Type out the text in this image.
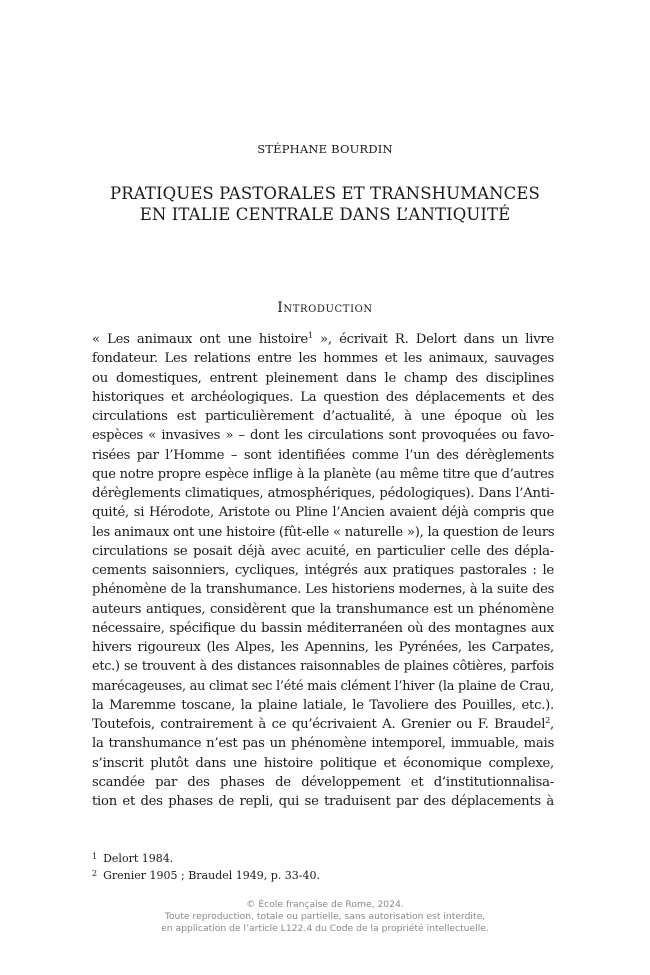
STÉPHANE BOURDIN
PRATIQUES PASTORALES ET TRANSHUMANCES
EN ITALIE CENTRALE DANS L’ANTIQUITÉ
Introduction
« Les animaux ont une histoire$^1$ », écrivait R. Delort dans un livre
fondateur. Les relations entre les hommes et les animaux, sauvages
ou domestiques, entrent pleinement dans le champ des disciplines
historiques et archéologiques. La question des déplacements et des
circulations est particulièrement d’actualité, à une époque où les
espèces « invasives » – dont les circulations sont provoquées ou favo-
risées par l’Homme – sont identifiées comme l’un des dérèglements
que notre propre espèce inflige à la planète (au même titre que d’autres
dérèglements climatiques, atmosphériques, pédologiques). Dans l’Anti-
quité, si Hérodote, Aristote ou Pline l’Ancien avaient déjà compris que
les animaux ont une histoire (fût-elle « naturelle »), la question de leurs
circulations se posait déjà avec acuité, en particulier celle des dépla-
cements saisonniers, cycliques, intégrés aux pratiques pastorales : le
phénomène de la transhumance. Les historiens modernes, à la suite des
auteurs antiques, considèrent que la transhumance est un phénomène
nécessaire, spécifique du bassin méditerranéen où des montagnes aux
hivers rigoureux (les Alpes, les Apennins, les Pyrénées, les Carpates,
etc.) se trouvent à des distances raisonnables de plaines côtières, parfois
marécageuses, au climat sec l’été mais clément l’hiver (la plaine de Crau,
la Maremme toscane, la plaine latiale, le Tavoliere des Pouilles, etc.).
Toutefois, contrairement à ce qu’écrivaient A. Grenier ou F. Braudel$^2$,
la transhumance n’est pas un phénomène intemporel, immuable, mais
s’inscrit plutôt dans une histoire politique et économique complexe,
scandée par des phases de développement et d’institutionnalisa-
tion et des phases de repli, qui se traduisent par des déplacements à
$^1$ Delort 1984.
$^2$ Grenier 1905 ; Braudel 1949, p. 33-40.
© École française de Rome, 2024.
Toute reproduction, totale ou partielle, sans autorisation est interdite,
en application de l’article L122.4 du Code de la propriété intellectuelle.
